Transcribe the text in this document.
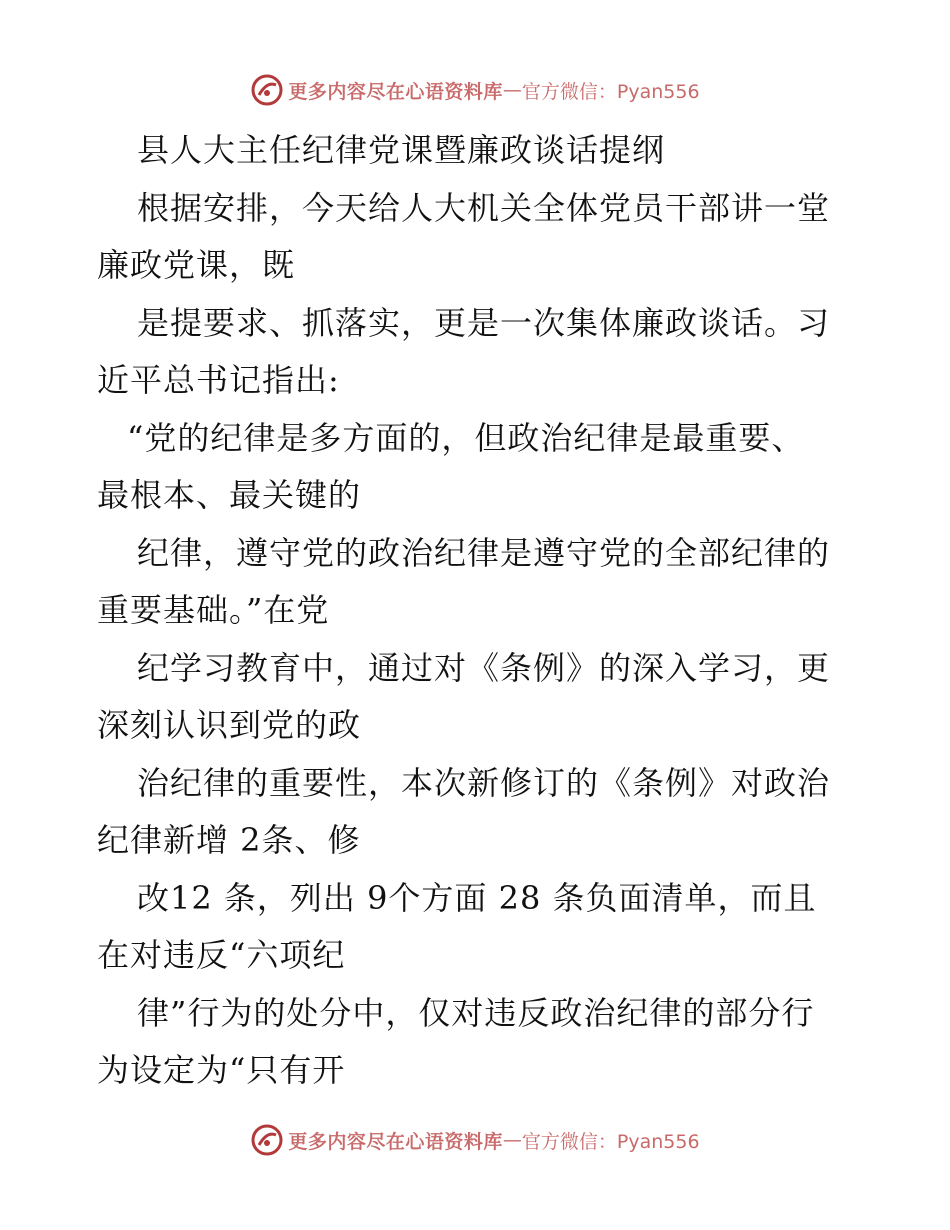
更多内容尽在心语资料库 — 官方微信：Pyan556
县人大主任纪律党课暨廉政谈话提纲
根据安排，今天给人大机关全体党员干部讲一堂
廉政党课，既
是提要求、抓落实，更是一次集体廉政谈话。习
近平总书记指出:
“党的纪律是多方面的，但政治纪律是最重要、
最根本、最关键的
纪律，遵守党的政治纪律是遵守党的全部纪律的
重要基础。”在党
纪学习教育中，通过对《条例》的深入学习，更
深刻认识到党的政
治纪律的重要性，本次新修订的《条例》对政治
纪律新增 2条、修
改12 条，列出 9个方面 28 条负面清单，而且
在对违反“六项纪
律”行为的处分中，仅对违反政治纪律的部分行
为设定为“只有开
更多内容尽在心语资料库 — 官方微信：Pyan556
